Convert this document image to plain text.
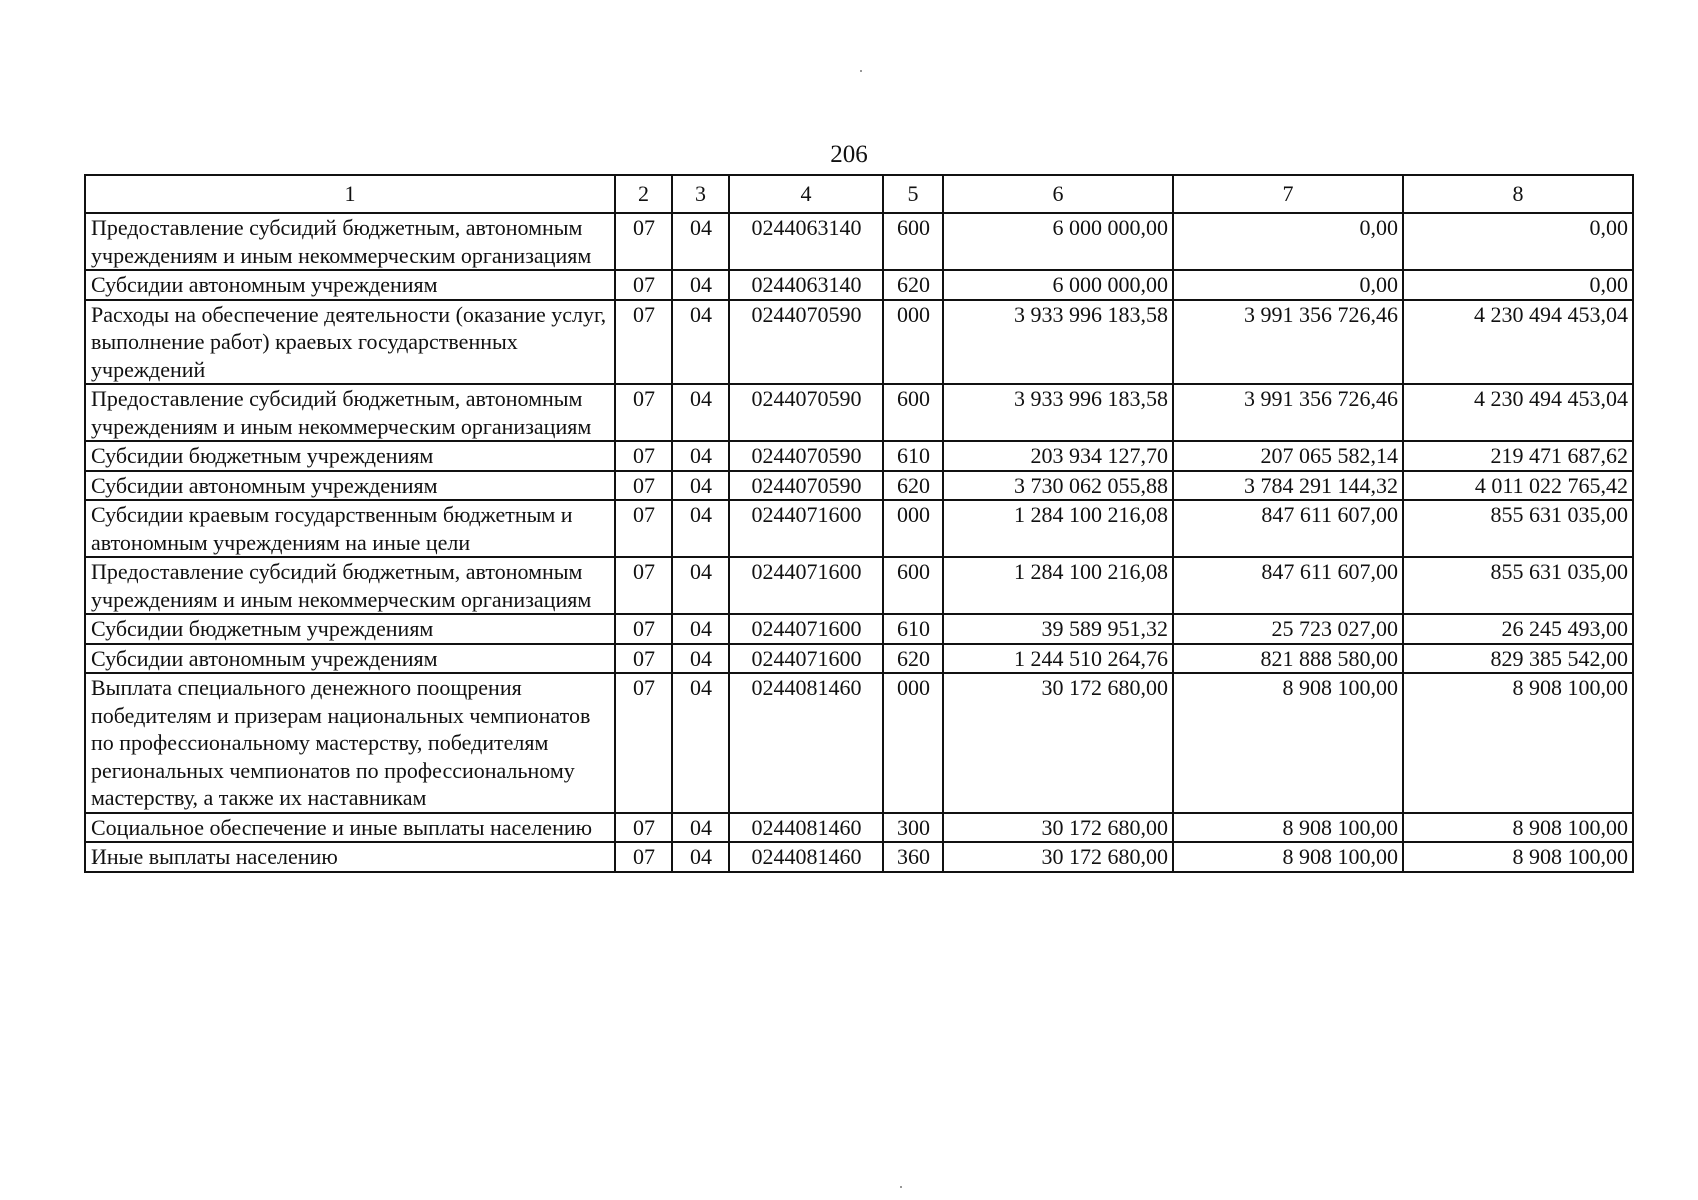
206
1	2	3	4	5	6	7	8
Предоставление субсидий бюджетным, автономным учреждениям и иным некоммерческим организациям	07	04	0244063140	600	6 000 000,00	0,00	0,00
Субсидии автономным учреждениям	07	04	0244063140	620	6 000 000,00	0,00	0,00
Расходы на обеспечение деятельности (оказание услуг, выполнение работ) краевых государственных учреждений	07	04	0244070590	000	3 933 996 183,58	3 991 356 726,46	4 230 494 453,04
Предоставление субсидий бюджетным, автономным учреждениям и иным некоммерческим организациям	07	04	0244070590	600	3 933 996 183,58	3 991 356 726,46	4 230 494 453,04
Субсидии бюджетным учреждениям	07	04	0244070590	610	203 934 127,70	207 065 582,14	219 471 687,62
Субсидии автономным учреждениям	07	04	0244070590	620	3 730 062 055,88	3 784 291 144,32	4 011 022 765,42
Субсидии краевым государственным бюджетным и автономным учреждениям на иные цели	07	04	0244071600	000	1 284 100 216,08	847 611 607,00	855 631 035,00
Предоставление субсидий бюджетным, автономным учреждениям и иным некоммерческим организациям	07	04	0244071600	600	1 284 100 216,08	847 611 607,00	855 631 035,00
Субсидии бюджетным учреждениям	07	04	0244071600	610	39 589 951,32	25 723 027,00	26 245 493,00
Субсидии автономным учреждениям	07	04	0244071600	620	1 244 510 264,76	821 888 580,00	829 385 542,00
Выплата специального денежного поощрения победителям и призерам национальных чемпионатов по профессиональному мастерству, победителям региональных чемпионатов по профессиональному мастерству, а также их наставникам	07	04	0244081460	000	30 172 680,00	8 908 100,00	8 908 100,00
Социальное обеспечение и иные выплаты населению	07	04	0244081460	300	30 172 680,00	8 908 100,00	8 908 100,00
Иные выплаты населению	07	04	0244081460	360	30 172 680,00	8 908 100,00	8 908 100,00
